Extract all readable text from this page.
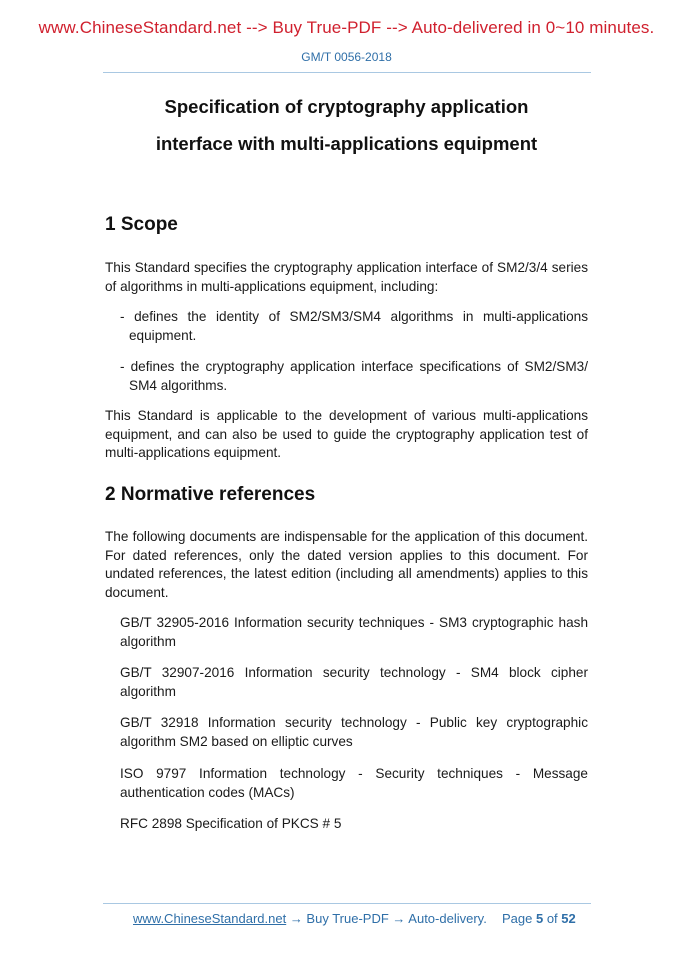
www.ChineseStandard.net --> Buy True-PDF --> Auto-delivered in 0~10 minutes.
GM/T 0056-2018
Specification of cryptography application
interface with multi-applications equipment
1 Scope
This Standard specifies the cryptography application interface of SM2/3/4 series of algorithms in multi-applications equipment, including:
- defines the identity of SM2/SM3/SM4 algorithms in multi-applications equipment.
- defines the cryptography application interface specifications of SM2/SM3/ SM4 algorithms.
This Standard is applicable to the development of various multi-applications equipment, and can also be used to guide the cryptography application test of multi-applications equipment.
2 Normative references
The following documents are indispensable for the application of this document. For dated references, only the dated version applies to this document. For undated references, the latest edition (including all amendments) applies to this document.
GB/T 32905-2016 Information security techniques - SM3 cryptographic hash algorithm
GB/T 32907-2016 Information security technology - SM4 block cipher algorithm
GB/T 32918 Information security technology - Public key cryptographic algorithm SM2 based on elliptic curves
ISO 9797 Information technology - Security techniques - Message authentication codes (MACs)
RFC 2898 Specification of PKCS # 5
www.ChineseStandard.net → Buy True-PDF → Auto-delivery. Page 5 of 52
